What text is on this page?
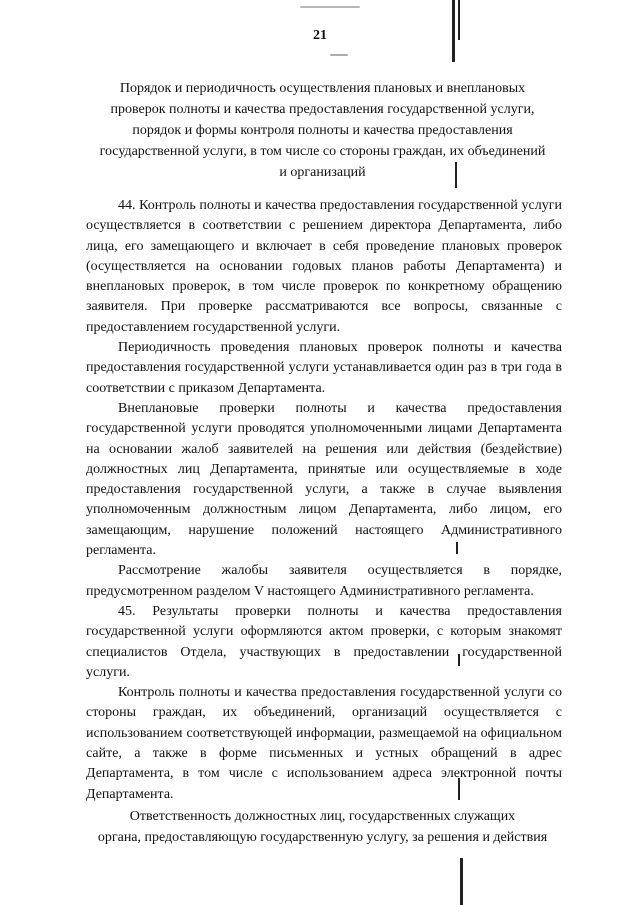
21
Порядок и периодичность осуществления плановых и внеплановых
проверок полноты и качества предоставления государственной услуги,
порядок и формы контроля полноты и качества предоставления
государственной услуги, в том числе со стороны граждан, их объединений
и организаций

44. Контроль полноты и качества предоставления государственной услуги осуществляется в соответствии с решением директора Департамента, либо лица, его замещающего и включает в себя проведение плановых проверок (осуществляется на основании годовых планов работы Департамента) и внеплановых проверок, в том числе проверок по конкретному обращению заявителя. При проверке рассматриваются все вопросы, связанные с предоставлением государственной услуги.

Периодичность проведения плановых проверок полноты и качества предоставления государственной услуги устанавливается один раз в три года в соответствии с приказом Департамента.

Внеплановые проверки полноты и качества предоставления государственной услуги проводятся уполномоченными лицами Департамента на основании жалоб заявителей на решения или действия (бездействие) должностных лиц Департамента, принятые или осуществляемые в ходе предоставления государственной услуги, а также в случае выявления уполномоченным должностным лицом Департамента, либо лицом, его замещающим, нарушение положений настоящего Административного регламента.

Рассмотрение жалобы заявителя осуществляется в порядке, предусмотренном разделом V настоящего Административного регламента.

45. Результаты проверки полноты и качества предоставления государственной услуги оформляются актом проверки, с которым знакомят специалистов Отдела, участвующих в предоставлении государственной услуги.

Контроль полноты и качества предоставления государственной услуги со стороны граждан, их объединений, организаций осуществляется с использованием соответствующей информации, размещаемой на официальном сайте, а также в форме письменных и устных обращений в адрес Департамента, в том числе с использованием адреса электронной почты Департамента.

Ответственность должностных лиц, государственных служащих
органа, предоставляющую государственную услугу, за решения и действия
